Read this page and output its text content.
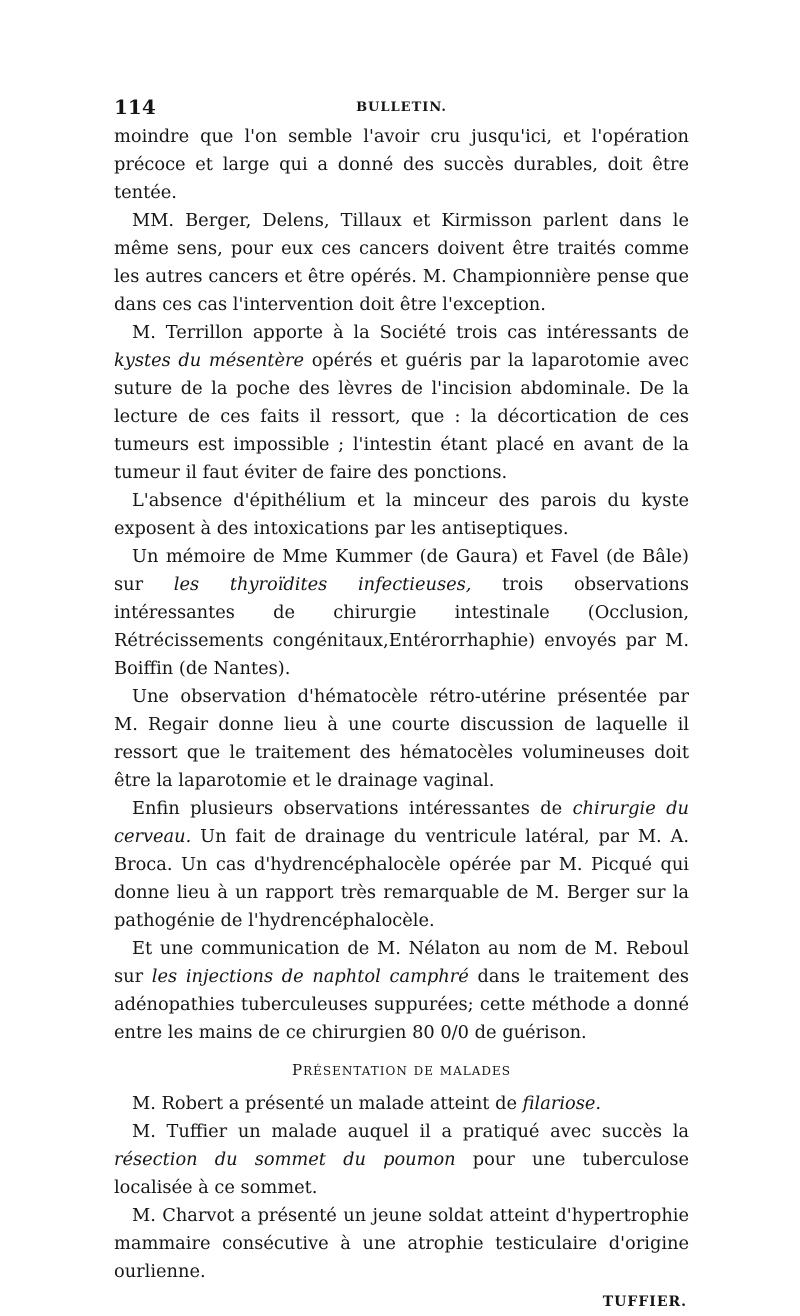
114	BULLETIN.

moindre que l'on semble l'avoir cru jusqu'ici, et l'opération précoce et large qui a donné des succès durables, doit être tentée.

MM. Berger, Delens, Tillaux et Kirmisson parlent dans le même sens, pour eux ces cancers doivent être traités comme les autres cancers et être opérés. M. Championnière pense que dans ces cas l'intervention doit être l'exception.

M. Terrillon apporte à la Société trois cas intéressants de kystes du mésentère opérés et guéris par la laparotomie avec suture de la poche des lèvres de l'incision abdominale. De la lecture de ces faits il ressort, que : la décortication de ces tumeurs est impossible ; l'intestin étant placé en avant de la tumeur il faut éviter de faire des ponctions.

L'absence d'épithélium et la minceur des parois du kyste exposent à des intoxications par les antiseptiques.

Un mémoire de Mme Kummer (de Gaura) et Favel (de Bâle) sur les thyroïdites infectieuses, trois observations intéressantes de chirurgie intestinale (Occlusion, Rétrécissements congénitaux,Entérorrhaphie) envoyés par M. Boiffin (de Nantes).

Une observation d'hématocèle rétro-utérine présentée par M. Regair donne lieu à une courte discussion de laquelle il ressort que le traitement des hématocèles volumineuses doit être la laparotomie et le drainage vaginal.

Enfin plusieurs observations intéressantes de chirurgie du cerveau. Un fait de drainage du ventricule latéral, par M. A. Broca. Un cas d'hydrencéphalocèle opérée par M. Picqué qui donne lieu à un rapport très remarquable de M. Berger sur la pathogénie de l'hydrencéphalocèle.

Et une communication de M. Nélaton au nom de M. Reboul sur les injections de naphtol camphré dans le traitement des adénopathies tuberculeuses suppurées; cette méthode a donné entre les mains de ce chirurgien 80 0/0 de guérison.

PRÉSENTATION DE MALADES

M. Robert a présenté un malade atteint de filariose.

M. Tuffier un malade auquel il a pratiqué avec succès la résection du sommet du poumon pour une tuberculose localisée à ce sommet.

M. Charvot a présenté un jeune soldat atteint d'hypertrophie mammaire consécutive à une atrophie testiculaire d'origine ourlienne.

TUFFIER.
